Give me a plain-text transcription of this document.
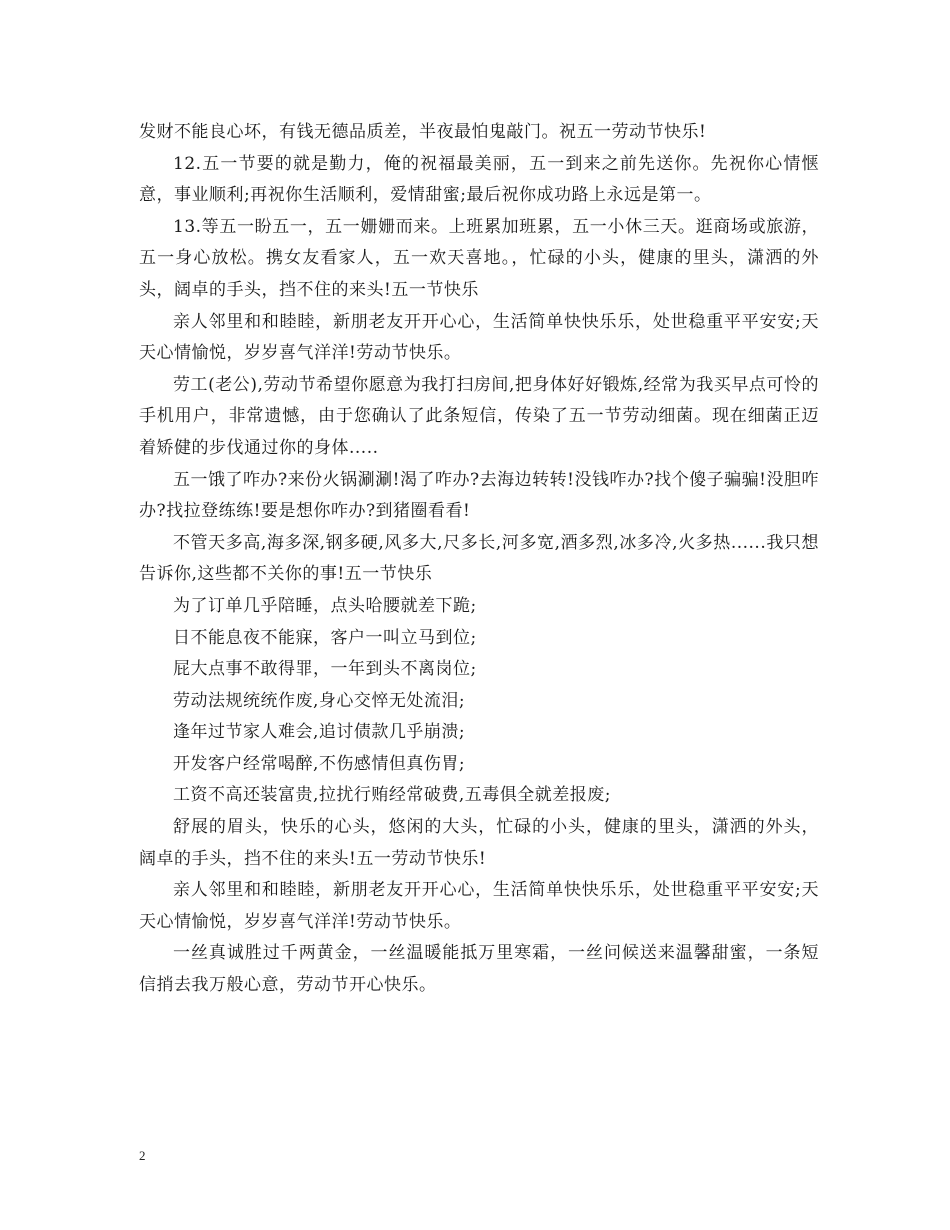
发财不能良心坏，有钱无德品质差，半夜最怕鬼敲门。祝五一劳动节快乐!

12.五一节要的就是勤力，俺的祝福最美丽，五一到来之前先送你。先祝你心情惬意，事业顺利;再祝你生活顺利，爱情甜蜜;最后祝你成功路上永远是第一。

13.等五一盼五一，五一姗姗而来。上班累加班累，五一小休三天。逛商场或旅游，五一身心放松。携女友看家人，五一欢天喜地。，忙碌的小头，健康的里头，潇洒的外头，阔卓的手头，挡不住的来头!五一节快乐

亲人邻里和和睦睦，新朋老友开开心心，生活简单快快乐乐，处世稳重平平安安;天天心情愉悦，岁岁喜气洋洋!劳动节快乐。

劳工(老公),劳动节希望你愿意为我打扫房间,把身体好好锻炼,经常为我买早点可怜的手机用户，非常遗憾，由于您确认了此条短信，传染了五一节劳动细菌。现在细菌正迈着矫健的步伐通过你的身体.....

五一饿了咋办?来份火锅涮涮!渴了咋办?去海边转转!没钱咋办?找个傻子骗骗!没胆咋办?找拉登练练!要是想你咋办?到猪圈看看!

不管天多高,海多深,钢多硬,风多大,尺多长,河多宽,酒多烈,冰多冷,火多热......我只想告诉你,这些都不关你的事!五一节快乐

为了订单几乎陪睡，点头哈腰就差下跪;

日不能息夜不能寐，客户一叫立马到位;

屁大点事不敢得罪，一年到头不离岗位;

劳动法规统统作废,身心交悴无处流泪;

逢年过节家人难会,追讨债款几乎崩溃;

开发客户经常喝醉,不伤感情但真伤胃;

工资不高还装富贵,拉扰行贿经常破费,五毒俱全就差报废;

舒展的眉头，快乐的心头，悠闲的大头，忙碌的小头，健康的里头，潇洒的外头，阔卓的手头，挡不住的来头!五一劳动节快乐!

亲人邻里和和睦睦，新朋老友开开心心，生活简单快快乐乐，处世稳重平平安安;天天心情愉悦，岁岁喜气洋洋!劳动节快乐。

一丝真诚胜过千两黄金，一丝温暖能抵万里寒霜，一丝问候送来温馨甜蜜，一条短信捎去我万般心意，劳动节开心快乐。

2
